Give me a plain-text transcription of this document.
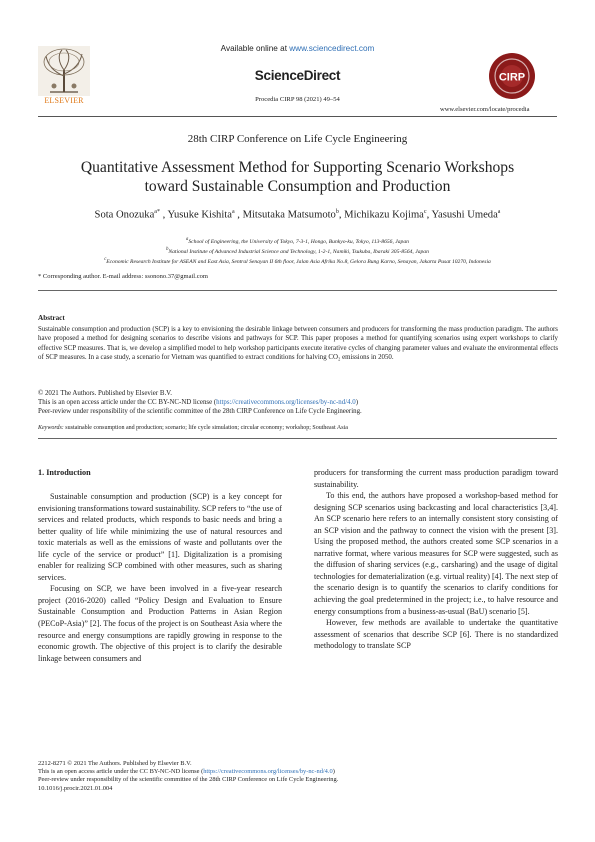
Available online at www.sciencedirect.com
ScienceDirect
Procedia CIRP 98 (2021) 49–54
ELSEVIER
CIRP
www.elsevier.com/locate/procedia
28th CIRP Conference on Life Cycle Engineering
Quantitative Assessment Method for Supporting Scenario Workshops
toward Sustainable Consumption and Production
Sota Onozuka$^{a*}$ , Yusuke Kishita$^a$ , Mitsutaka Matsumoto$^b$, Michikazu Kojima$^c$, Yasushi Umeda$^a$
$^a$School of Engineering, the University of Tokyo, 7-3-1, Hongo, Bunkyo-ku, Tokyo, 113-8656, Japan
$^b$National Institute of Advanced Industrial Science and Technology, 1-2-1, Namiki, Tsukuba, Ibaraki 305-8564, Japan
$^c$Economic Research Institute for ASEAN and East Asia, Sentral Senayan II 6th floor, Jalan Asia Afrika No.8, Gelora Bung Karno, Senayan, Jakarta Pusat 10270, Indonesia
* Corresponding author. E-mail address: ssonono.37@gmail.com
Abstract
Sustainable consumption and production (SCP) is a key to envisioning the desirable linkage between consumers and producers for transforming the mass production paradigm. The authors have proposed a method for designing scenarios to describe visions and pathways for SCP. This paper proposes a method for quantifying scenarios using expert workshops to clarify effective SCP measures. That is, we develop a simplified model to help workshop participants execute iterative cycles of changing parameter values and evaluate the environmental effects of SCP measures. In a case study, a scenario for Vietnam was quantified to extract conditions for halving CO₂ emissions in 2050.
© 2021 The Authors. Published by Elsevier B.V.
This is an open access article under the CC BY-NC-ND license (https://creativecommons.org/licenses/by-nc-nd/4.0)
Peer-review under responsibility of the scientific committee of the 28th CIRP Conference on Life Cycle Engineering.
Keywords: sustainable consumption and production; scenario; life cycle simulation; circular economy; workshop; Southeast Asia
1. Introduction

Sustainable consumption and production (SCP) is a key concept for envisioning transformations toward sustainability. SCP refers to “the use of services and related products, which responds to basic needs and bring a better quality of life while minimizing the use of natural resources and toxic materials as well as the emissions of waste and pollutants over the life cycle of the service or product” [1]. Digitalization is a promising enabler for realizing SCP combined with other measures, such as sharing services.

Focusing on SCP, we have been involved in a five-year research project (2016-2020) called “Policy Design and Evaluation to Ensure Sustainable Consumption and Production Patterns in Asian Region (PECoP-Asia)” [2]. The focus of the project is on Southeast Asia where the resource and energy consumptions are rapidly growing in response to the economic growth. The objective of this project is to clarify the desirable linkage between consumers and

producers for transforming the current mass production paradigm toward sustainability.

To this end, the authors have proposed a workshop-based method for designing SCP scenarios using backcasting and local characteristics [3,4]. An SCP scenario here refers to an internally consistent story consisting of an SCP vision and the pathway to connect the vision with the present [3]. Using the proposed method, the authors created some SCP scenarios in a narrative format, where various measures for SCP were suggested, such as the diffusion of sharing services (e.g., carsharing) and the usage of digital technologies for dematerialization (e.g. virtual reality) [4]. The next step of the scenario design is to quantify the scenarios to clarify conditions for achieving the goal predetermined in the project; i.e., to halve resource and energy consumptions from a business-as-usual (BaU) scenario [5].

However, few methods are available to undertake the quantitative assessment of scenarios that describe SCP [6]. There is no standardized methodology to translate SCP

2212-8271 © 2021 The Authors. Published by Elsevier B.V.
This is an open access article under the CC BY-NC-ND license (https://creativecommons.org/licenses/by-nc-nd/4.0)
Peer-review under responsibility of the scientific committee of the 28th CIRP Conference on Life Cycle Engineering.
10.1016/j.procir.2021.01.004
